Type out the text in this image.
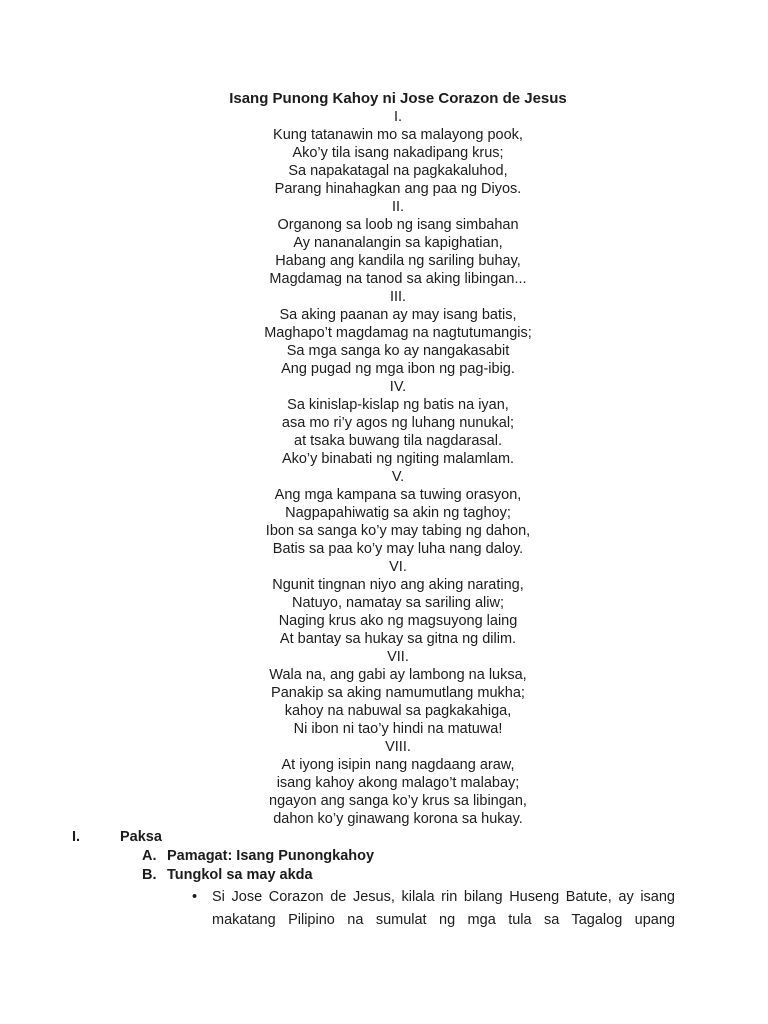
Isang Punong Kahoy ni Jose Corazon de Jesus
I.
Kung tatanawin mo sa malayong pook,
Ako’y tila isang nakadipang krus;
Sa napakatagal na pagkakaluhod,
Parang hinahagkan ang paa ng Diyos.
II.
Organong sa loob ng isang simbahan
Ay nananalangin sa kapighatian,
Habang ang kandila ng sariling buhay,
Magdamag na tanod sa aking libingan...
III.
Sa aking paanan ay may isang batis,
Maghapo’t magdamag na nagtutumangis;
Sa mga sanga ko ay nangakasabit
Ang pugad ng mga ibon ng pag-ibig.
IV.
Sa kinislap-kislap ng batis na iyan,
asa mo ri’y agos ng luhang nunukal;
at tsaka buwang tila nagdarasal.
Ako’y binabati ng ngiting malamlam.
V.
Ang mga kampana sa tuwing orasyon,
Nagpapahiwatig sa akin ng taghoy;
Ibon sa sanga ko’y may tabing ng dahon,
Batis sa paa ko’y may luha nang daloy.
VI.
Ngunit tingnan niyo ang aking narating,
Natuyo, namatay sa sariling aliw;
Naging krus ako ng magsuyong laing
At bantay sa hukay sa gitna ng dilim.
VII.
Wala na, ang gabi ay lambong na luksa,
Panakip sa aking namumutlang mukha;
kahoy na nabuwal sa pagkakahiga,
Ni ibon ni tao’y hindi na matuwa!
VIII.
At iyong isipin nang nagdaang araw,
isang kahoy akong malago’t malabay;
ngayon ang sanga ko’y krus sa libingan,
dahon ko’y ginawang korona sa hukay.
I.	Paksa
A. Pamagat: Isang Punongkahoy
B. Tungkol sa may akda
•	Si Jose Corazon de Jesus, kilala rin bilang Huseng Batute, ay isang
makatang Pilipino na sumulat ng mga tula sa Tagalog upang
